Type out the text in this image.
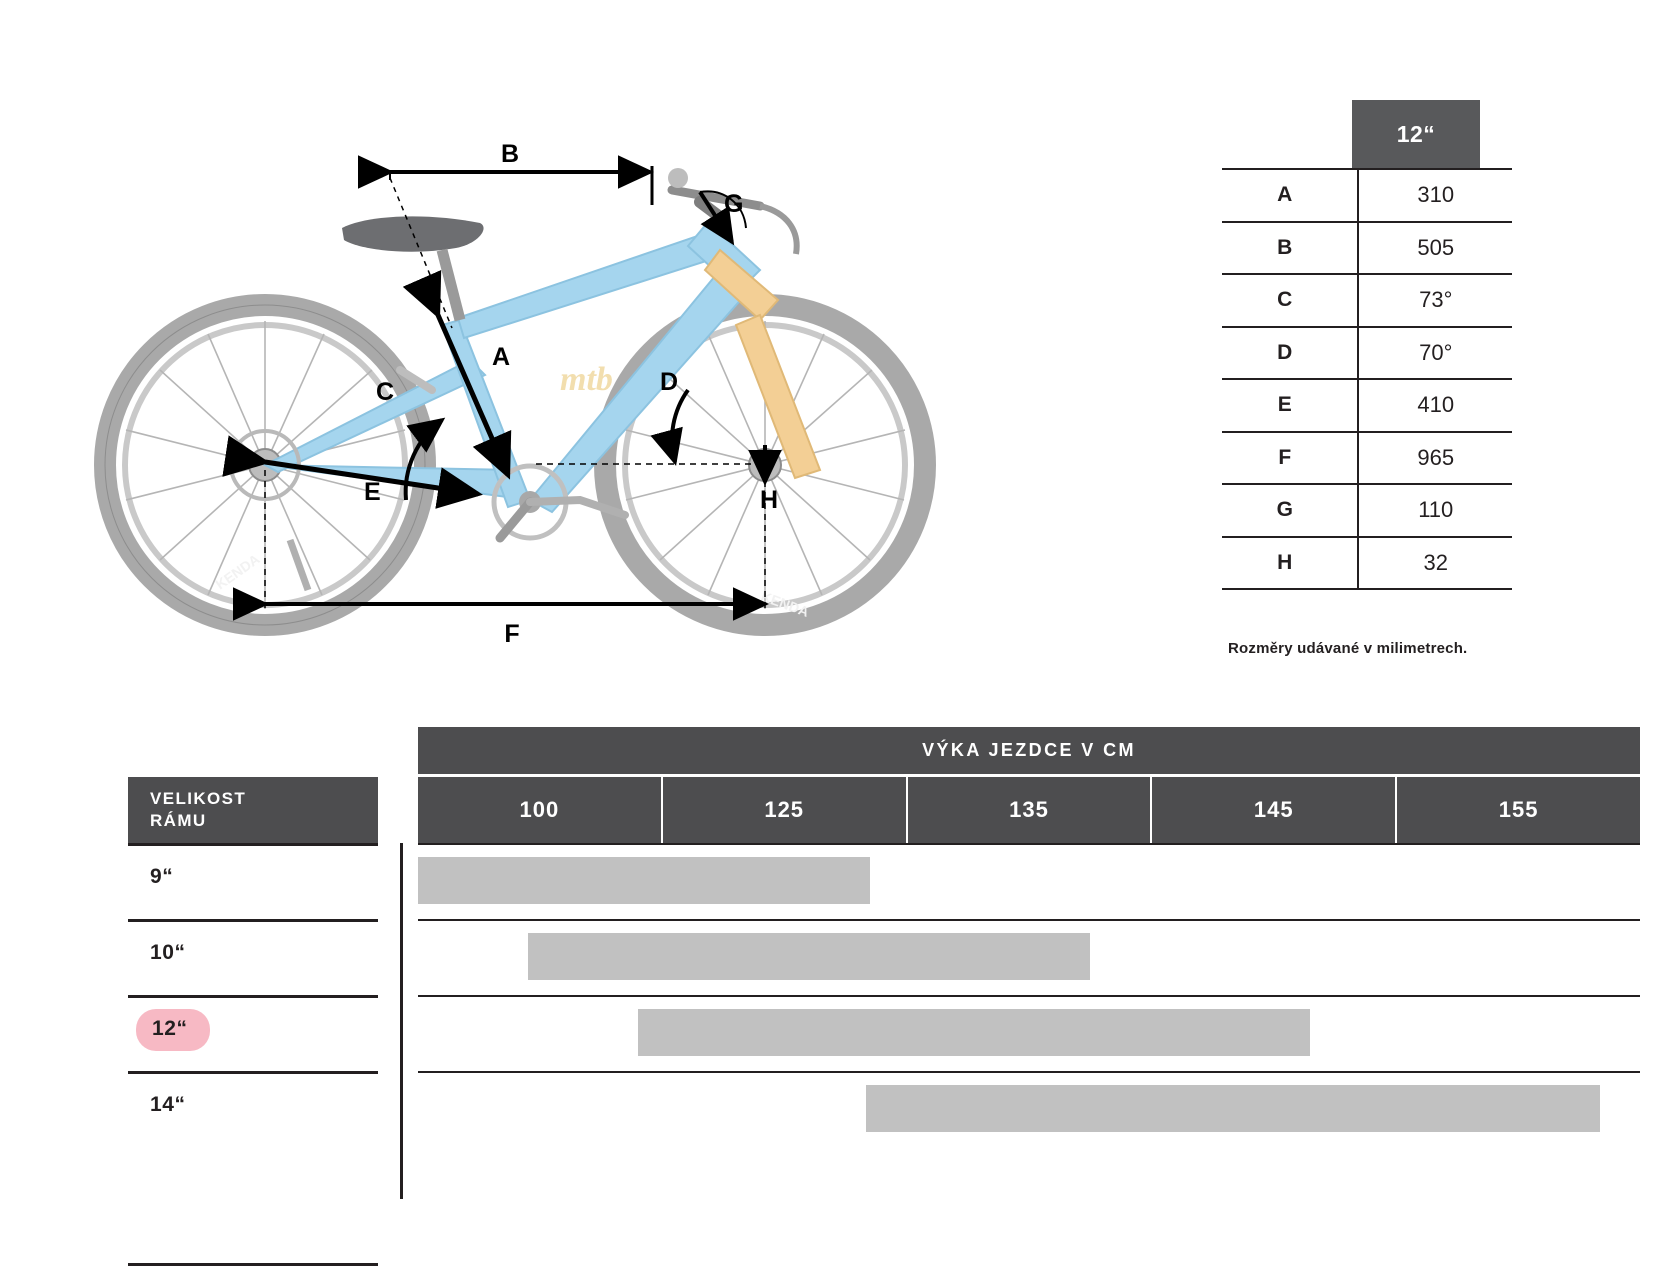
KENDA
KENDA
mtb
B
A
C	D
G
E	H
F
12“
A	310
B	505
C	73°
D	70°
E	410
F	965
G	110
H	32
Rozměry udávané v milimetrech.
VÝKA JEZDCE V CM
VELIKOST
RÁMU	100	125	135	145	155
9“
10“
12“
14“
